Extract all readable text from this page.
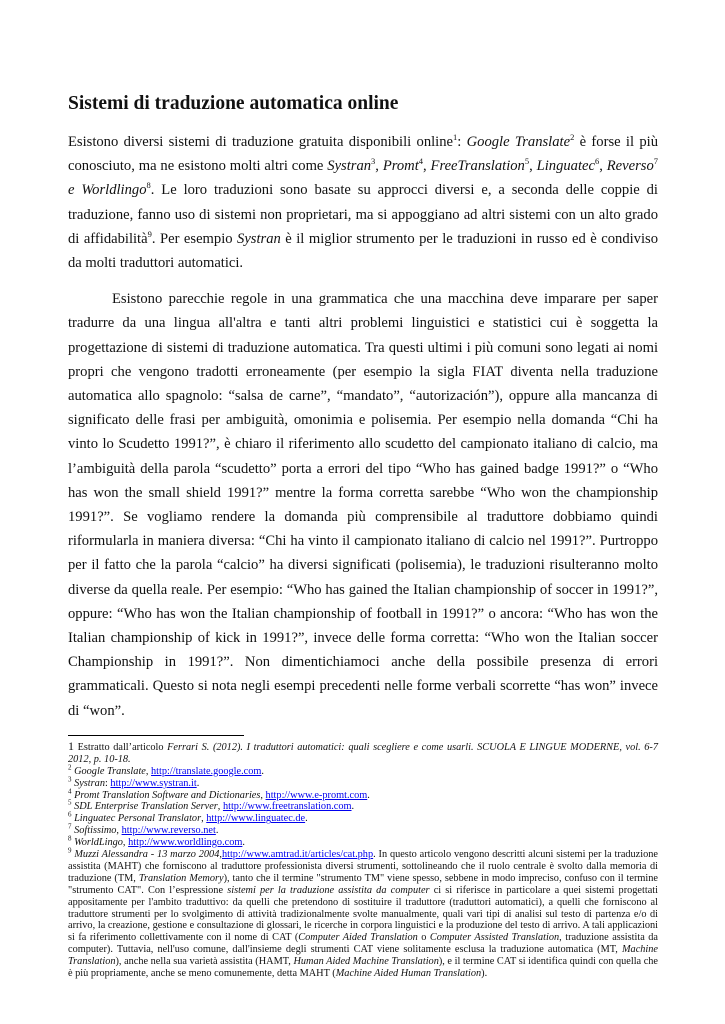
Sistemi di traduzione automatica online

Esistono diversi sistemi di traduzione gratuita disponibili online$^1$: Google Translate$^2$ è forse il più conosciuto, ma ne esistono molti altri come Systran$^3$, Promt$^4$, FreeTranslation$^5$, Linguatec$^6$, Reverso$^7$ e Worldlingo$^8$. Le loro traduzioni sono basate su approcci diversi e, a seconda delle coppie di traduzione, fanno uso di sistemi non proprietari, ma si appoggiano ad altri sistemi con un alto grado di affidabilità$^9$. Per esempio Systran è il miglior strumento per le traduzioni in russo ed è condiviso da molti traduttori automatici.

Esistono parecchie regole in una grammatica che una macchina deve imparare per saper tradurre da una lingua all'altra e tanti altri problemi linguistici e statistici cui è soggetta la progettazione di sistemi di traduzione automatica. Tra questi ultimi i più comuni sono legati ai nomi propri che vengono tradotti erroneamente (per esempio la sigla FIAT diventa nella traduzione automatica allo spagnolo: “salsa de carne”, “mandato”, “autorización”), oppure alla mancanza di significato delle frasi per ambiguità, omonimia e polisemia. Per esempio nella domanda “Chi ha vinto lo Scudetto 1991?”, è chiaro il riferimento allo scudetto del campionato italiano di calcio, ma l’ambiguità della parola “scudetto” porta a errori del tipo “Who has gained badge 1991?” o “Who has won the small shield 1991?” mentre la forma corretta sarebbe “Who won the championship 1991?”. Se vogliamo rendere la domanda più comprensibile al traduttore dobbiamo quindi riformularla in maniera diversa: “Chi ha vinto il campionato italiano di calcio nel 1991?”. Purtroppo per il fatto che la parola “calcio” ha diversi significati (polisemia), le traduzioni risulteranno molto diverse da quella reale. Per esempio: “Who has gained the Italian championship of soccer in 1991?”, oppure: “Who has won the Italian championship of football in 1991?” o ancora: “Who has won the Italian championship of kick in 1991?”, invece delle forma corretta: “Who won the Italian soccer Championship in 1991?”. Non dimentichiamoci anche della possibile presenza di errori grammaticali. Questo si nota negli esempi precedenti nelle forme verbali scorrette “has won” invece di “won”.

1 Estratto dall’articolo Ferrari S. (2012). I traduttori automatici: quali scegliere e come usarli. SCUOLA E LINGUE MODERNE, vol. 6-7 2012, p. 10-18.

$^2$ Google Translate, http://translate.google.com.

$^3$ Systran: http://www.systran.it.

$^4$ Promt Translation Software and Dictionaries, http://www.e-promt.com.

$^5$ SDL Enterprise Translation Server, http://www.freetranslation.com.

$^6$ Linguatec Personal Translator, http://www.linguatec.de.

$^7$ Softissimo, http://www.reverso.net.

$^8$ WorldLingo, http://www.worldlingo.com.

$^9$ Muzzi Alessandra - 13 marzo 2004,http://www.amtrad.it/articles/cat.php. In questo articolo vengono descritti alcuni sistemi per la traduzione assistita (MAHT) che forniscono al traduttore professionista diversi strumenti, sottolineando che il ruolo centrale è svolto dalla memoria di traduzione (TM, Translation Memory), tanto che il termine "strumento TM" viene spesso, sebbene in modo impreciso, confuso con il termine "strumento CAT". Con l’espressione sistemi per la traduzione assistita da computer ci si riferisce in particolare a quei sistemi progettati appositamente per l'ambito traduttivo: da quelli che pretendono di sostituire il traduttore (traduttori automatici), a quelli che forniscono al traduttore strumenti per lo svolgimento di attività tradizionalmente svolte manualmente, quali vari tipi di analisi sul testo di partenza e/o di arrivo, la creazione, gestione e consultazione di glossari, le ricerche in corpora linguistici e la produzione del testo di arrivo. A tali applicazioni si fa riferimento collettivamente con il nome di CAT (Computer Aided Translation o Computer Assisted Translation, traduzione assistita da computer). Tuttavia, nell'uso comune, dall'insieme degli strumenti CAT viene solitamente esclusa la traduzione automatica (MT, Machine Translation), anche nella sua varietà assistita (HAMT, Human Aided Machine Translation), e il termine CAT si identifica quindi con quella che è più propriamente, anche se meno comunemente, detta MAHT (Machine Aided Human Translation).
